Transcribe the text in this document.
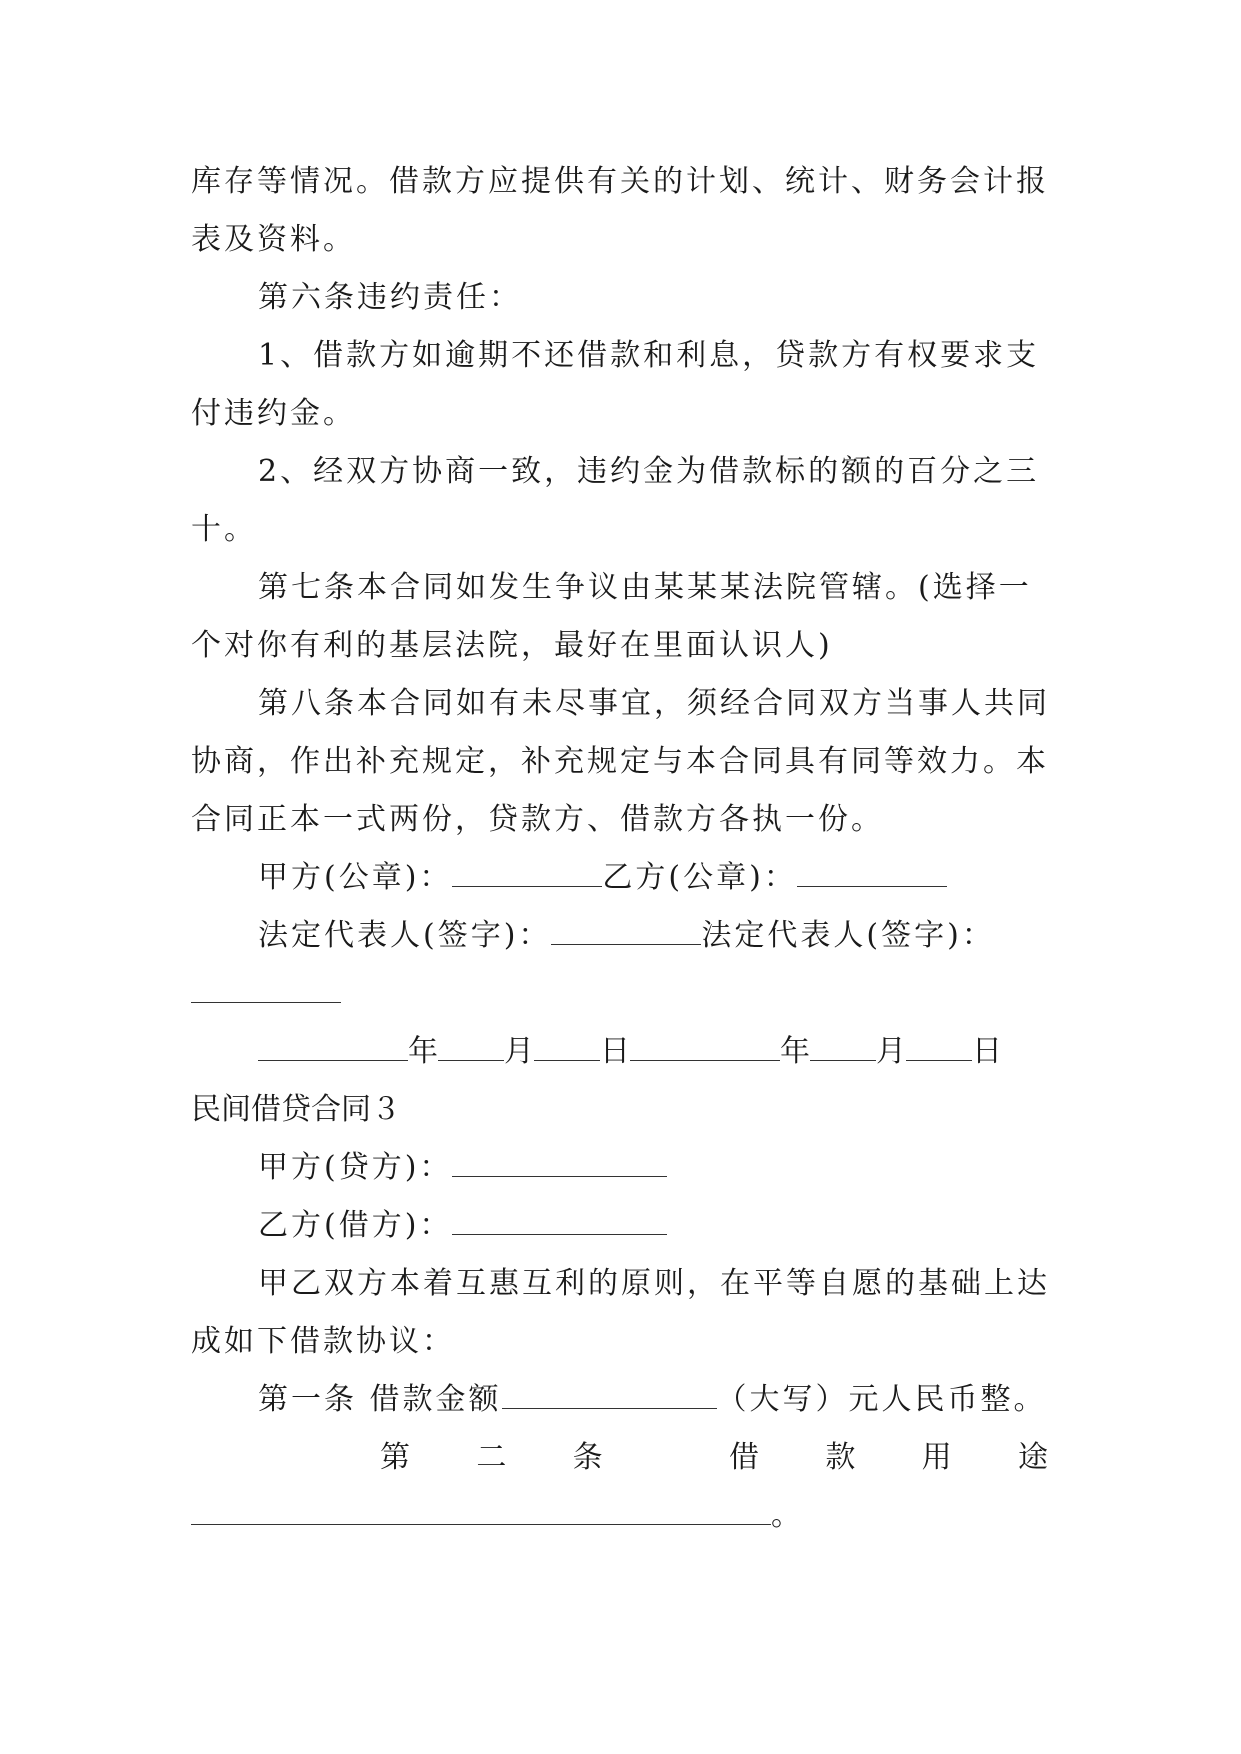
库存等情况。借款方应提供有关的计划、统计、财务会计报
表及资料。
第六条违约责任：
1、借款方如逾期不还借款和利息，贷款方有权要求支
付违约金。
2、经双方协商一致，违约金为借款标的额的百分之三
十。
第七条本合同如发生争议由某某某法院管辖。(选择一
个对你有利的基层法院，最好在里面认识人)
第八条本合同如有未尽事宜，须经合同双方当事人共同
协商，作出补充规定，补充规定与本合同具有同等效力。本
合同正本一式两份，贷款方、借款方各执一份。
甲方(公章)：	乙方(公章)：
法定代表人(签字)：	法定代表人(签字)：
年 月 日	年 月 日
民间借贷合同３
甲方(贷方)：
乙方(借方)：
甲乙双方本着互惠互利的原则，在平等自愿的基础上达
成如下借款协议：
第一条 借款金额	（大写）元人民币整。
第 二 条	借 款 用 途
。
